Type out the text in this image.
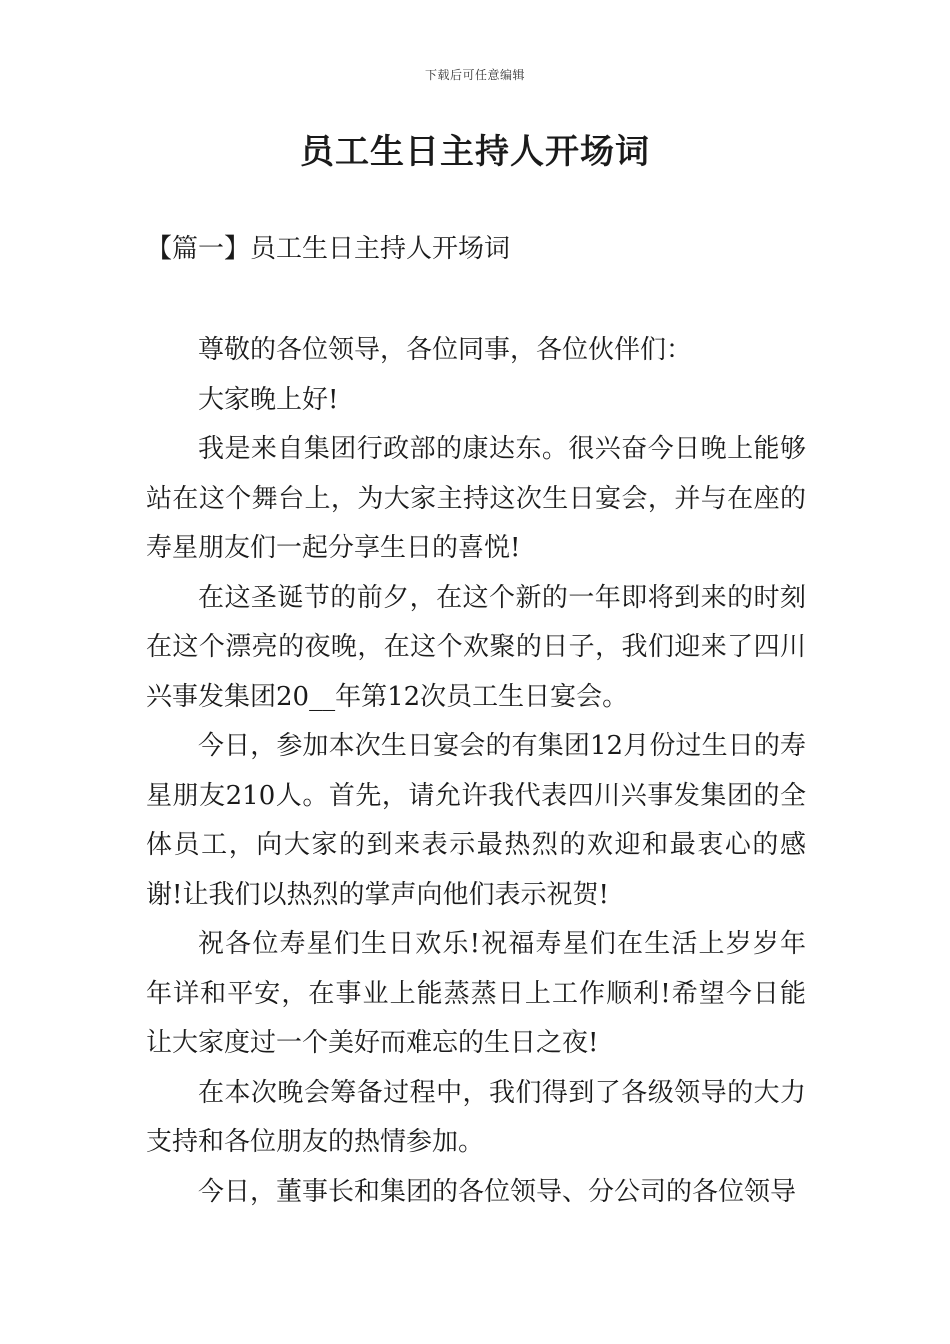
下载后可任意编辑
员工生日主持人开场词
【篇一】员工生日主持人开场词

尊敬的各位领导，各位同事，各位伙伴们：

大家晚上好!

我是来自集团行政部的康达东。很兴奋今日晚上能够站在这个舞台上，为大家主持这次生日宴会，并与在座的寿星朋友们一起分享生日的喜悦!

在这圣诞节的前夕，在这个新的一年即将到来的时刻在这个漂亮的夜晚，在这个欢聚的日子，我们迎来了四川兴事发集团20__年第12次员工生日宴会。

今日，参加本次生日宴会的有集团12月份过生日的寿星朋友210人。首先，请允许我代表四川兴事发集团的全体员工，向大家的到来表示最热烈的欢迎和最衷心的感谢!让我们以热烈的掌声向他们表示祝贺!

祝各位寿星们生日欢乐!祝福寿星们在生活上岁岁年年详和平安，在事业上能蒸蒸日上工作顺利!希望今日能让大家度过一个美好而难忘的生日之夜!

在本次晚会筹备过程中，我们得到了各级领导的大力支持和各位朋友的热情参加。

今日，董事长和集团的各位领导、分公司的各位领导
